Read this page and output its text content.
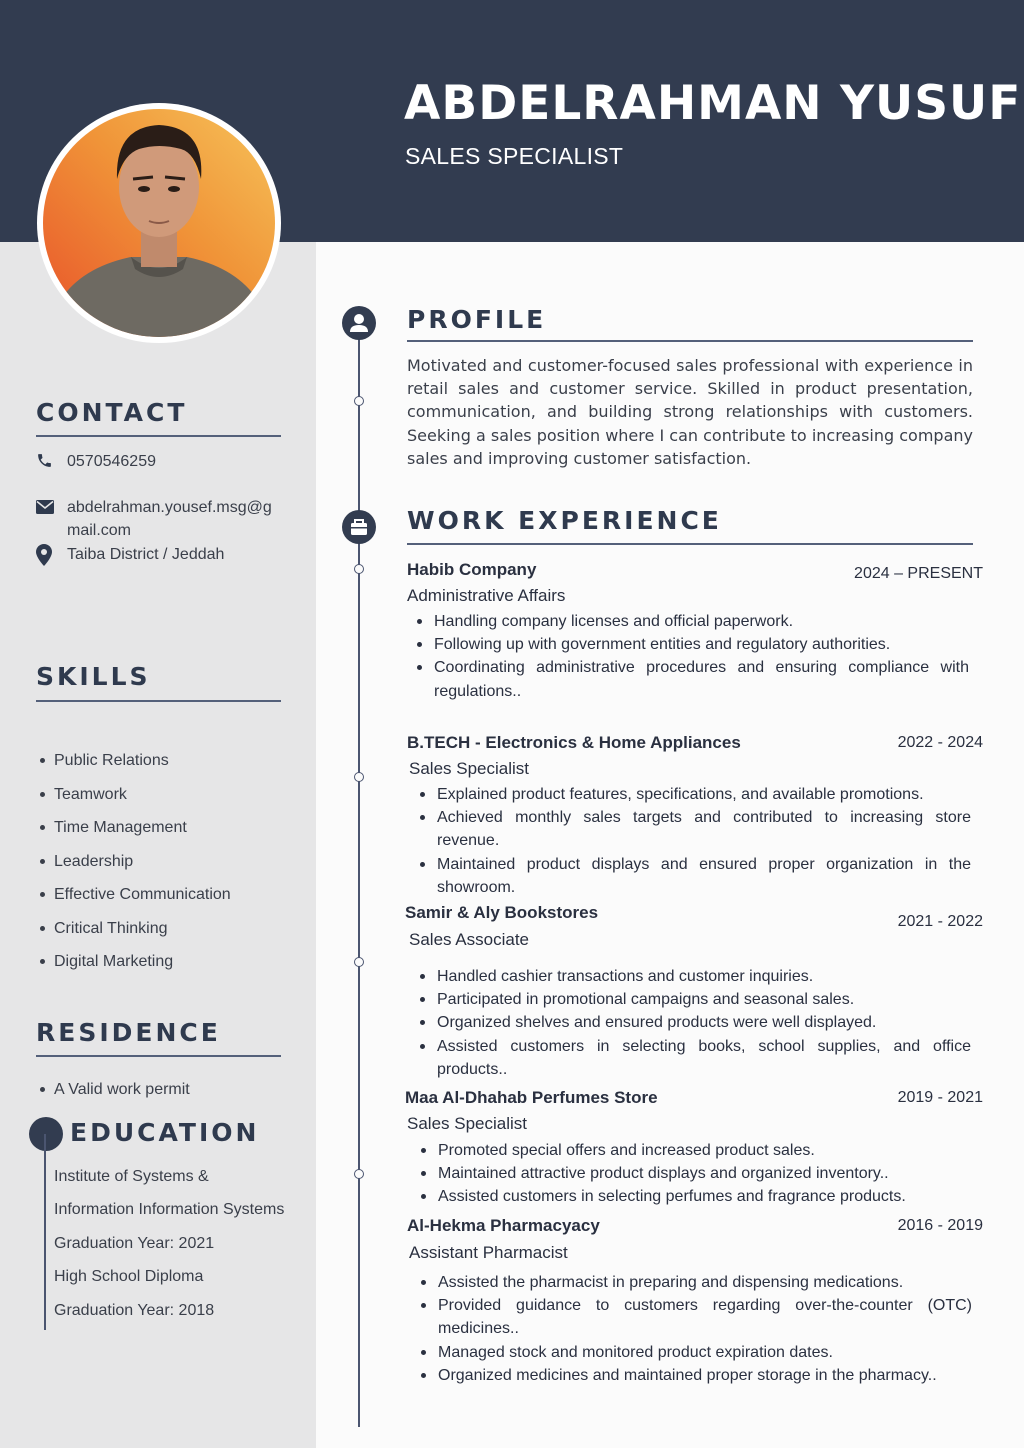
ABDELRAHMAN YUSUF
SALES SPECIALIST
CONTACT
0570546259
abdelrahman.yousef.msg@g
mail.com
Taiba District / Jeddah
SKILLS
Public Relations
Teamwork
Time Management
Leadership
Effective Communication
Critical Thinking
Digital Marketing
RESIDENCE
A Valid work permit
EDUCATION
Institute of Systems &
Information Information Systems
Graduation Year: 2021
High School Diploma
Graduation Year: 2018
PROFILE
Motivated and customer-focused sales professional with experience in retail sales and customer service. Skilled in product presentation, communication, and building strong relationships with customers. Seeking a sales position where I can contribute to increasing company sales and improving customer satisfaction.
WORK EXPERIENCE
Habib Company	2024 – PRESENT
Administrative Affairs
Handling company licenses and official paperwork.
Following up with government entities and regulatory authorities.
Coordinating administrative procedures and ensuring compliance with regulations..
B.TECH - Electronics & Home Appliances	2022 - 2024
Sales Specialist
Explained product features, specifications, and available promotions.
Achieved monthly sales targets and contributed to increasing store revenue.
Maintained product displays and ensured proper organization in the showroom.
Samir & Aly Bookstores	2021 - 2022
Sales Associate
Handled cashier transactions and customer inquiries.
Participated in promotional campaigns and seasonal sales.
Organized shelves and ensured products were well displayed.
Assisted customers in selecting books, school supplies, and office products..
Maa Al-Dhahab Perfumes Store	2019 - 2021
Sales Specialist
Promoted special offers and increased product sales.
Maintained attractive product displays and organized inventory..
Assisted customers in selecting perfumes and fragrance products.
Al-Hekma Pharmacyacy	2016 - 2019
Assistant Pharmacist
Assisted the pharmacist in preparing and dispensing medications.
Provided guidance to customers regarding over-the-counter (OTC) medicines..
Managed stock and monitored product expiration dates.
Organized medicines and maintained proper storage in the pharmacy..
